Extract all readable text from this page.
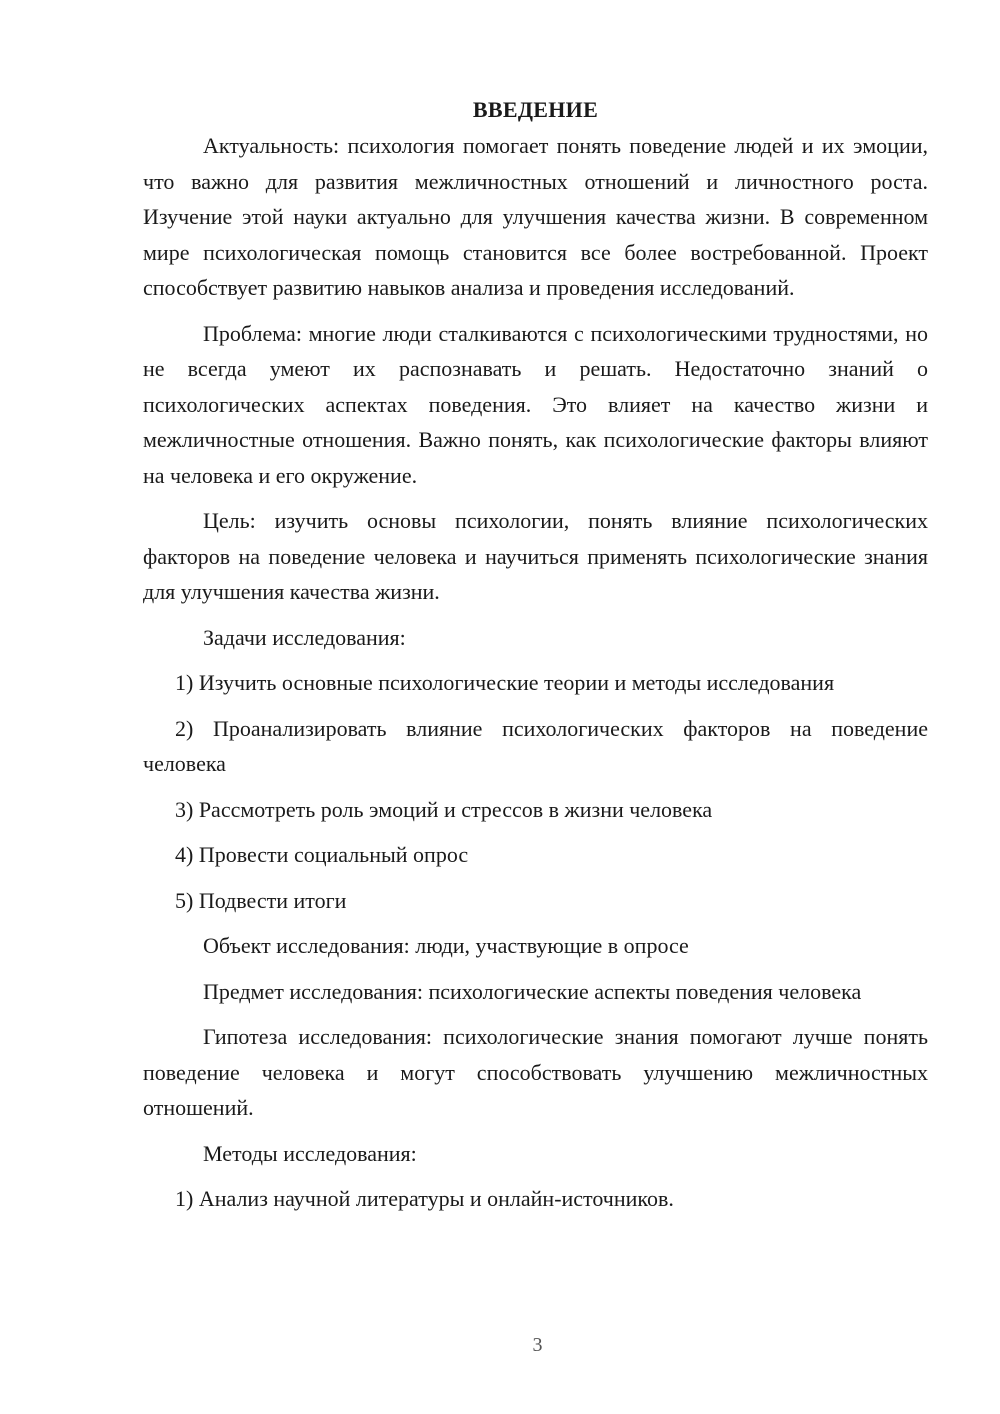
ВВЕДЕНИЕ

Актуальность: психология помогает понять поведение людей и их эмоции, что важно для развития межличностных отношений и личностного роста. Изучение этой науки актуально для улучшения качества жизни. В современном мире психологическая помощь становится все более востребованной. Проект способствует развитию навыков анализа и проведения исследований.

Проблема: многие люди сталкиваются с психологическими трудностями, но не всегда умеют их распознавать и решать. Недостаточно знаний о психологических аспектах поведения. Это влияет на качество жизни и межличностные отношения. Важно понять, как психологические факторы влияют на человека и его окружение.

Цель: изучить основы психологии, понять влияние психологических факторов на поведение человека и научиться применять психологические знания для улучшения качества жизни.

Задачи исследования:

1) Изучить основные психологические теории и методы исследования

2) Проанализировать влияние психологических факторов на поведение человека

3) Рассмотреть роль эмоций и стрессов в жизни человека

4) Провести социальный опрос

5) Подвести итоги

Объект исследования: люди, участвующие в опросе

Предмет исследования: психологические аспекты поведения человека

Гипотеза исследования: психологические знания помогают лучше понять поведение человека и могут способствовать улучшению межличностных отношений.

Методы исследования:

1) Анализ научной литературы и онлайн-источников.

3
